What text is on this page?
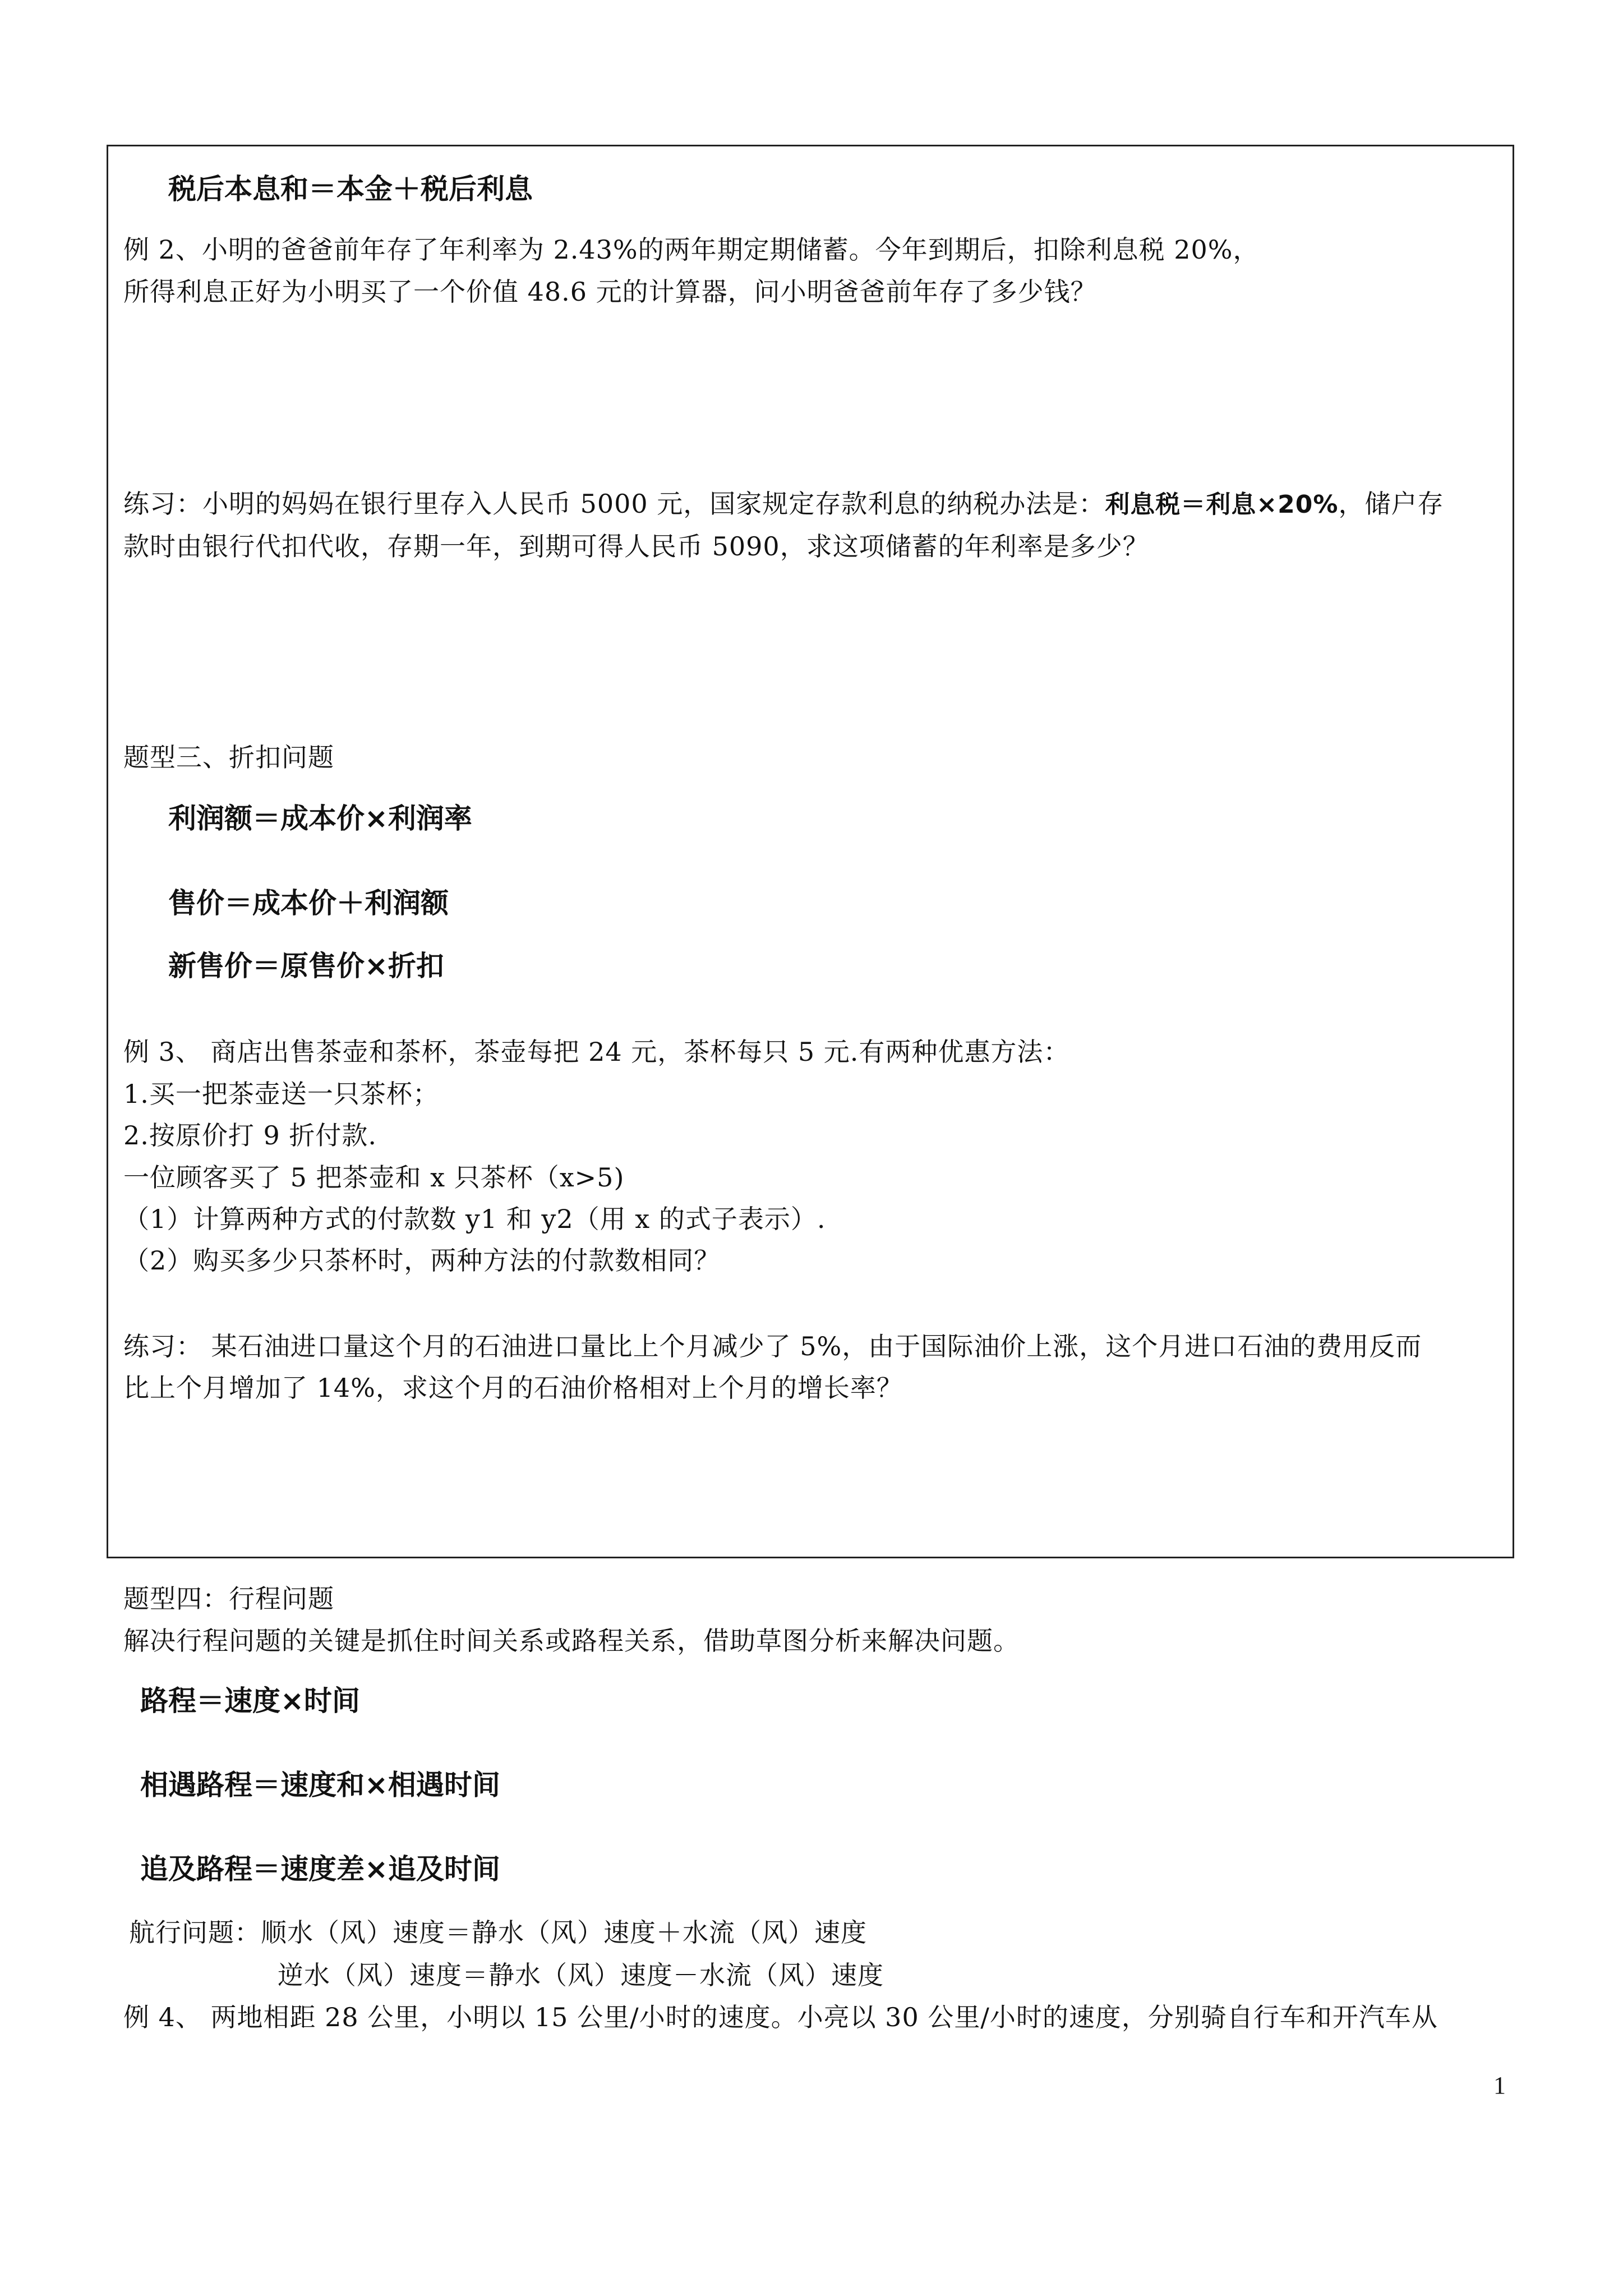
税后本息和＝本金＋税后利息
例 2、小明的爸爸前年存了年利率为 2.43%的两年期定期储蓄。今年到期后，扣除利息税 20%，
所得利息正好为小明买了一个价值 48.6 元的计算器，问小明爸爸前年存了多少钱？
练习：小明的妈妈在银行里存入人民币 5000 元，国家规定存款利息的纳税办法是：利息税＝利息×20%，储户存
款时由银行代扣代收，存期一年，到期可得人民币 5090，求这项储蓄的年利率是多少？
题型三、折扣问题
利润额＝成本价×利润率
售价＝成本价＋利润额
新售价＝原售价×折扣
例 3、 商店出售茶壶和茶杯，茶壶每把 24 元，茶杯每只 5 元.有两种优惠方法：
1.买一把茶壶送一只茶杯；
2.按原价打 9 折付款.
一位顾客买了 5 把茶壶和 x 只茶杯（x>5)
（1）计算两种方式的付款数 y1 和 y2（用 x 的式子表示）.
（2）购买多少只茶杯时，两种方法的付款数相同？
练习： 某石油进口量这个月的石油进口量比上个月减少了 5%，由于国际油价上涨，这个月进口石油的费用反而
比上个月增加了 14%，求这个月的石油价格相对上个月的增长率？
题型四：行程问题
解决行程问题的关键是抓住时间关系或路程关系，借助草图分析来解决问题。
路程＝速度×时间
相遇路程＝速度和×相遇时间
追及路程＝速度差×追及时间
航行问题：顺水（风）速度＝静水（风）速度＋水流（风）速度
逆水（风）速度＝静水（风）速度－水流（风）速度
例 4、 两地相距 28 公里，小明以 15 公里/小时的速度。小亮以 30 公里/小时的速度，分别骑自行车和开汽车从
1
